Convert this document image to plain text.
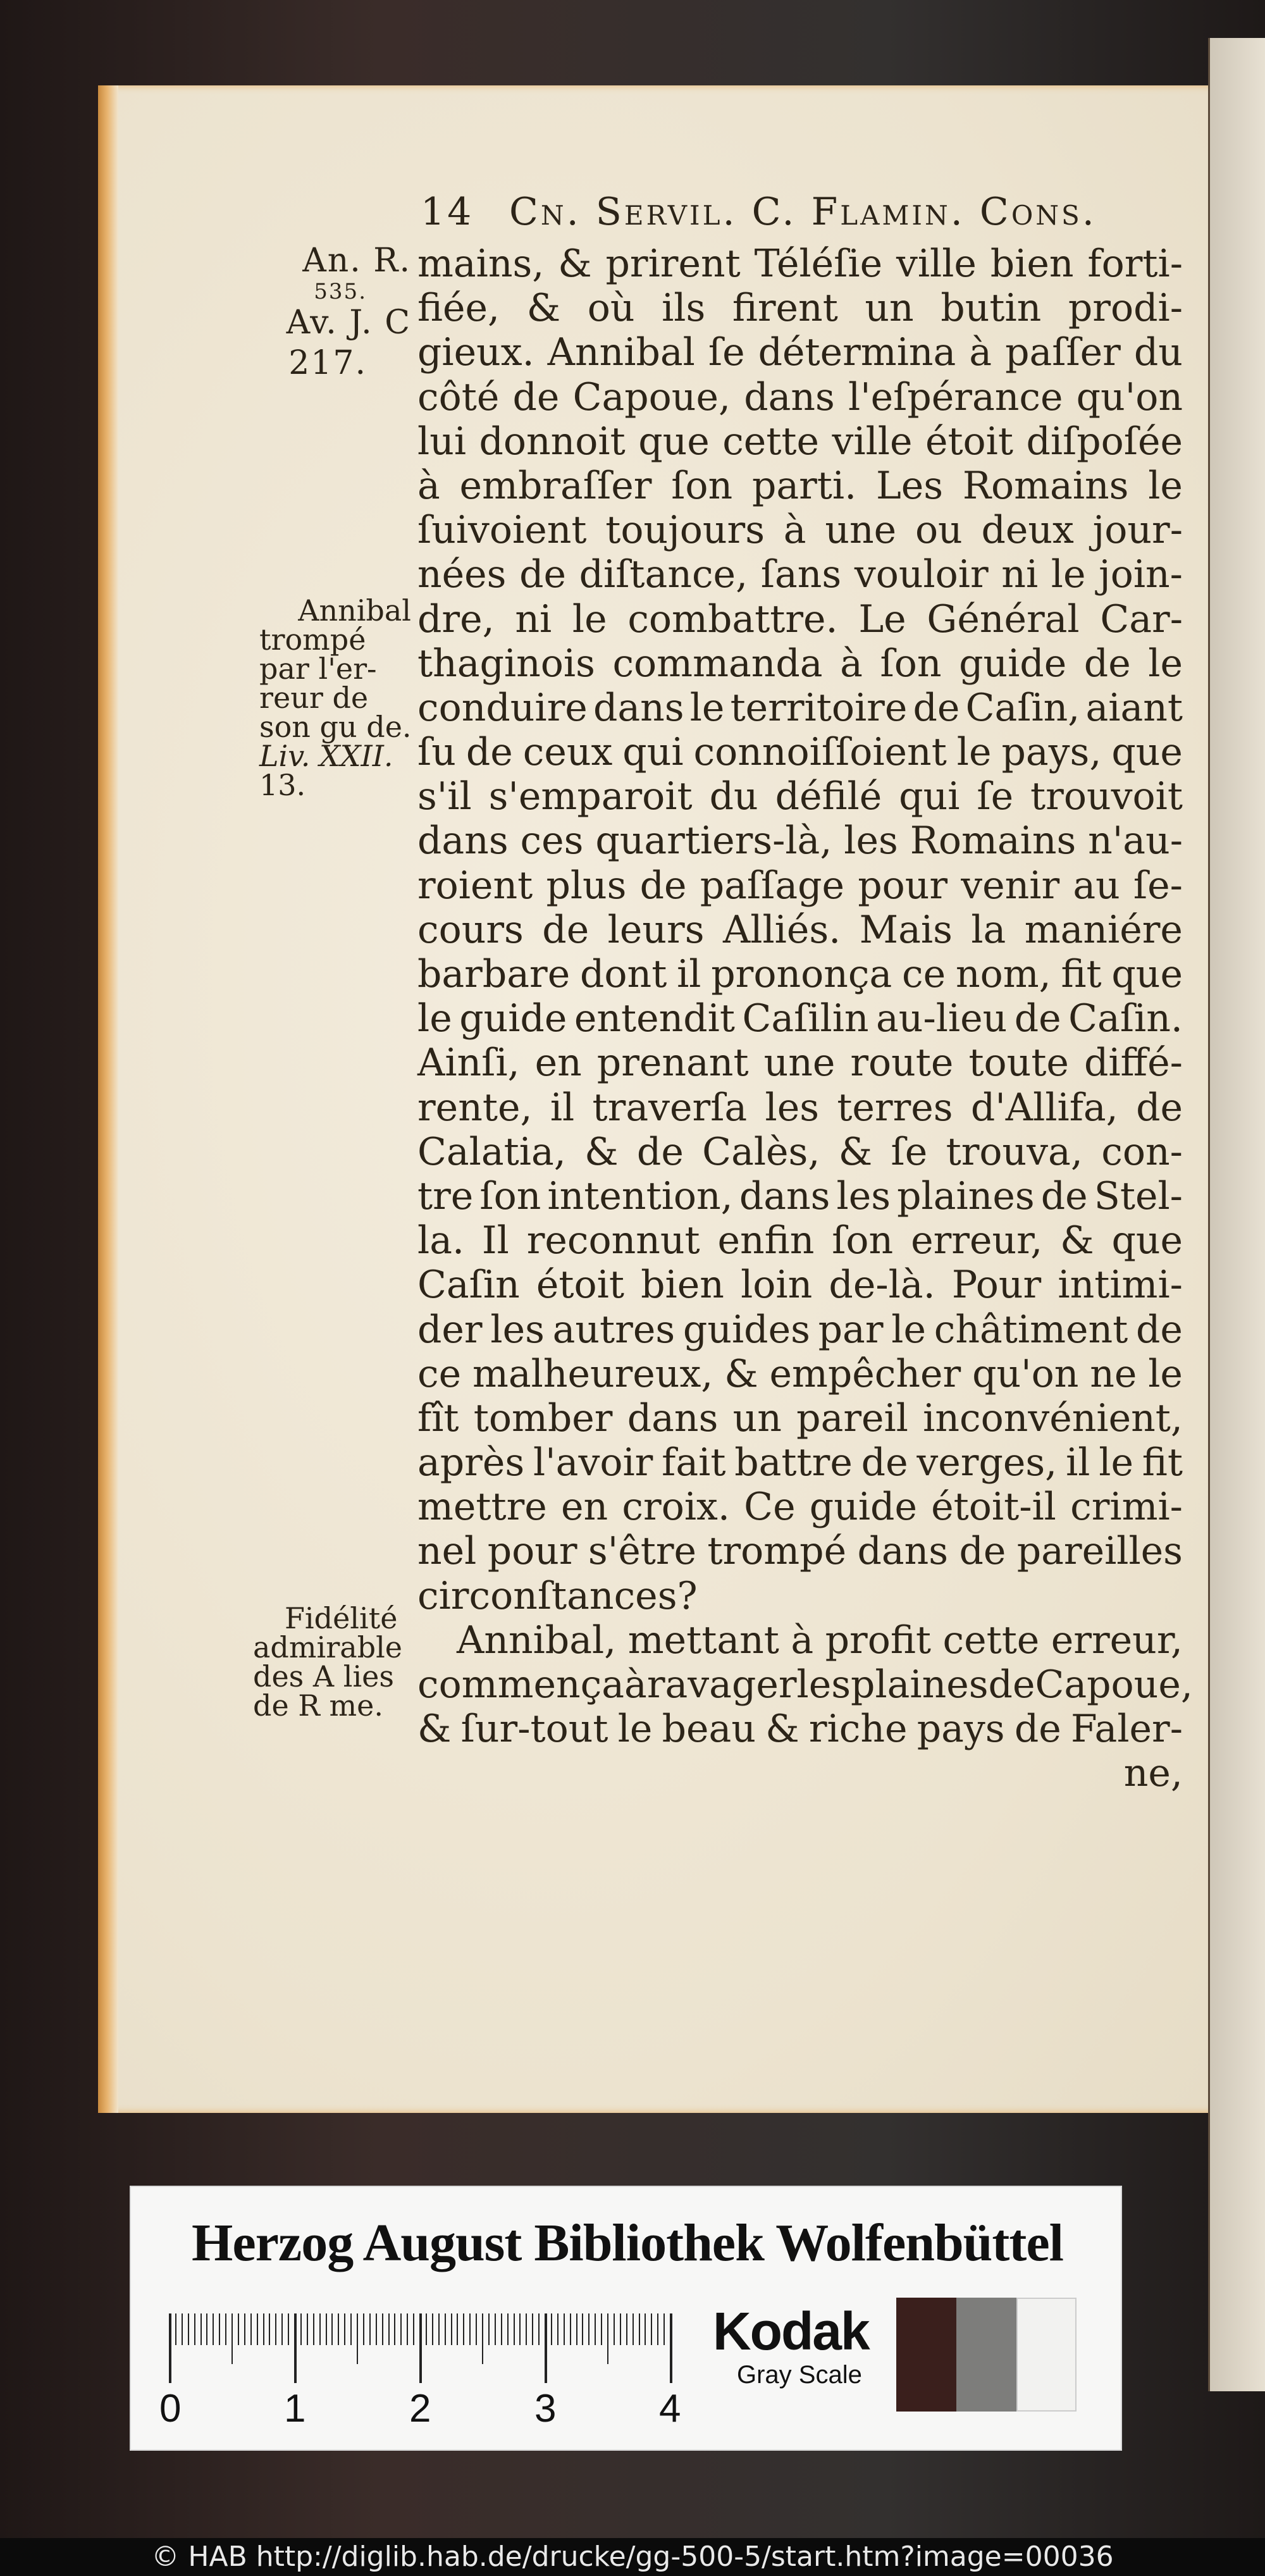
14 Cn. Servil. C. Flamin. Cons.
An. R.
535.
Av. J. C
217.
Annibal
trompé
par l'er-
reur de
son gu de.
Liv. XXII.
13.
Fidélité
admirable
des A lies
de R me.
mains, & prirent Téléſie ville bien forti-
fiée, & où ils firent un butin prodi-
gieux. Annibal ſe détermina à paſſer du
côté de Capoue, dans l'eſpérance qu'on
lui donnoit que cette ville étoit diſpoſée
à embraſſer ſon parti. Les Romains le
ſuivoient toujours à une ou deux jour-
nées de diſtance, ſans vouloir ni le join-
dre, ni le combattre. Le Général Car-
thaginois commanda à ſon guide de le
conduire dans le territoire de Caſin, aiant
ſu de ceux qui connoiſſoient le pays, que
s'il s'emparoit du défilé qui ſe trouvoit
dans ces quartiers-là, les Romains n'au-
roient plus de paſſage pour venir au ſe-
cours de leurs Alliés. Mais la maniére
barbare dont il prononça ce nom, fit que
le guide entendit Caſilin au-lieu de Caſin.
Ainſi, en prenant une route toute diffé-
rente, il traverſa les terres d'Allifa, de
Calatia, & de Calès, & ſe trouva, con-
tre ſon intention, dans les plaines de Stel-
la. Il reconnut enfin ſon erreur, & que
Caſin étoit bien loin de-là. Pour intimi-
der les autres guides par le châtiment de
ce malheureux, & empêcher qu'on ne le
fît tomber dans un pareil inconvénient,
après l'avoir fait battre de verges, il le fit
mettre en croix. Ce guide étoit-il crimi-
nel pour s'être trompé dans de pareilles
circonſtances?
Annibal, mettant à profit cette erreur,
commença à ravager les plaines de Capoue,
& ſur-tout le beau & riche pays de Faler-
ne,
Herzog August Bibliothek Wolfenbüttel
0	1	2	3	4
Kodak
Gray Scale
© HAB http://diglib.hab.de/drucke/gg-500-5/start.htm?image=00036
